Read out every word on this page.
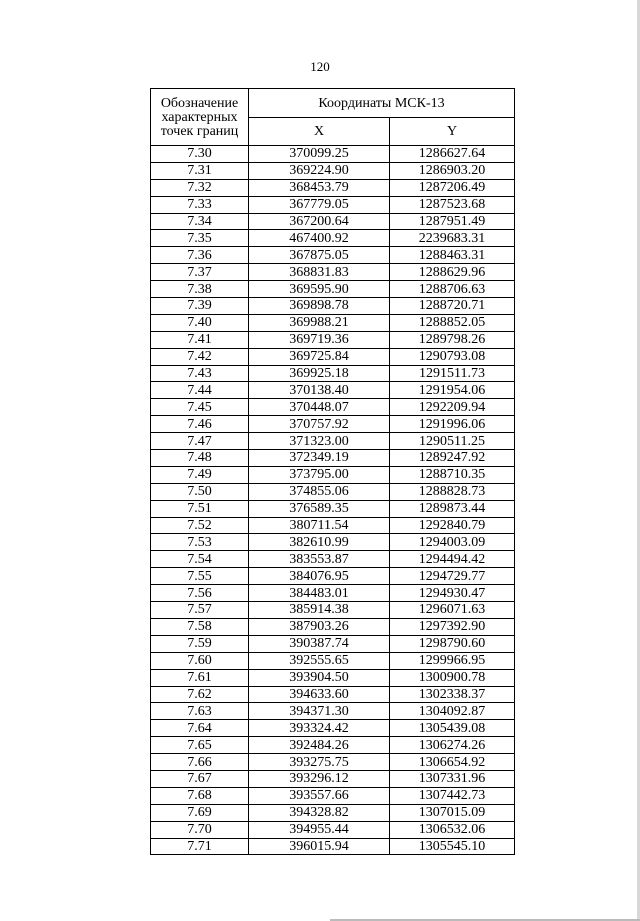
120
Обозначение характерных точек границ	Координаты МСК-13	
	X	Y
7.30	370099.25	1286627.64
7.31	369224.90	1286903.20
7.32	368453.79	1287206.49
7.33	367779.05	1287523.68
7.34	367200.64	1287951.49
7.35	467400.92	2239683.31
7.36	367875.05	1288463.31
7.37	368831.83	1288629.96
7.38	369595.90	1288706.63
7.39	369898.78	1288720.71
7.40	369988.21	1288852.05
7.41	369719.36	1289798.26
7.42	369725.84	1290793.08
7.43	369925.18	1291511.73
7.44	370138.40	1291954.06
7.45	370448.07	1292209.94
7.46	370757.92	1291996.06
7.47	371323.00	1290511.25
7.48	372349.19	1289247.92
7.49	373795.00	1288710.35
7.50	374855.06	1288828.73
7.51	376589.35	1289873.44
7.52	380711.54	1292840.79
7.53	382610.99	1294003.09
7.54	383553.87	1294494.42
7.55	384076.95	1294729.77
7.56	384483.01	1294930.47
7.57	385914.38	1296071.63
7.58	387903.26	1297392.90
7.59	390387.74	1298790.60
7.60	392555.65	1299966.95
7.61	393904.50	1300900.78
7.62	394633.60	1302338.37
7.63	394371.30	1304092.87
7.64	393324.42	1305439.08
7.65	392484.26	1306274.26
7.66	393275.75	1306654.92
7.67	393296.12	1307331.96
7.68	393557.66	1307442.73
7.69	394328.82	1307015.09
7.70	394955.44	1306532.06
7.71	396015.94	1305545.10
